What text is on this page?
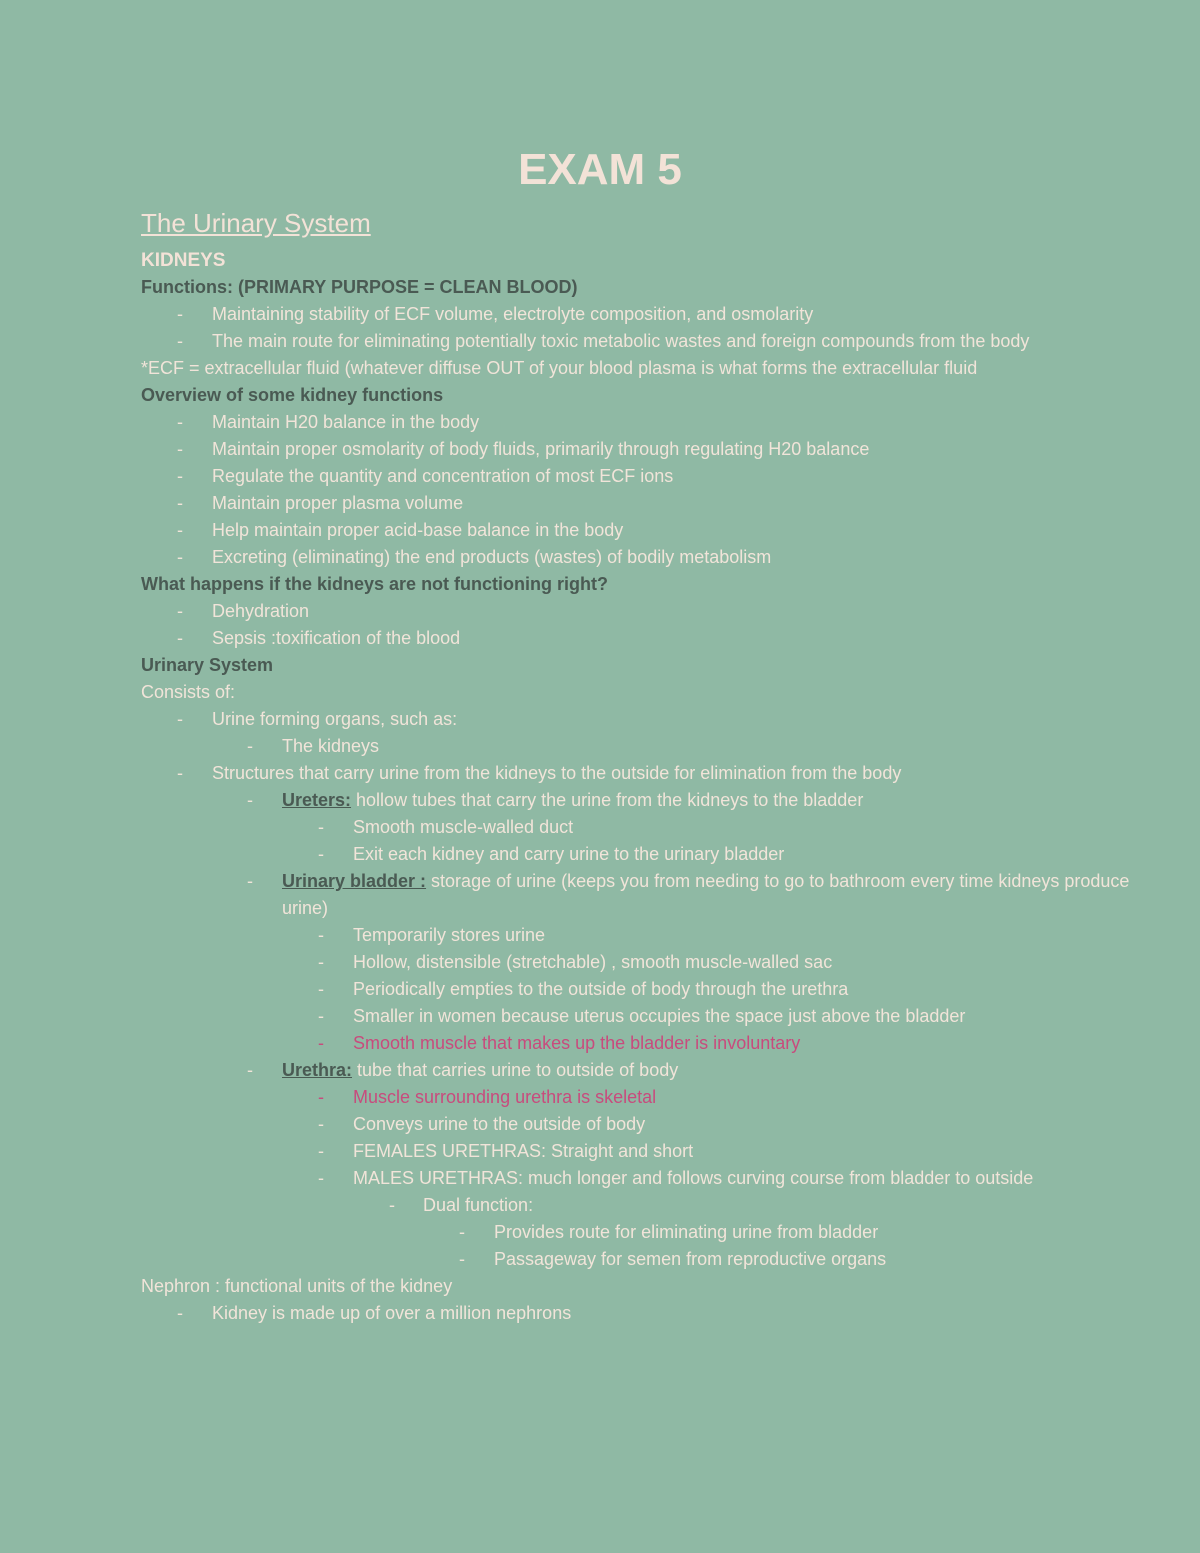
EXAM 5
The Urinary System
KIDNEYS
Functions: (PRIMARY PURPOSE = CLEAN BLOOD)
-	Maintaining stability of ECF volume, electrolyte composition, and osmolarity
-	The main route for eliminating potentially toxic metabolic wastes and foreign compounds from the body
*ECF = extracellular fluid (whatever diffuse OUT of your blood plasma is what forms the extracellular fluid
Overview of some kidney functions
-	Maintain H20 balance in the body
-	Maintain proper osmolarity of body fluids, primarily through regulating H20 balance
-	Regulate the quantity and concentration of most ECF ions
-	Maintain proper plasma volume
-	Help maintain proper acid-base balance in the body
-	Excreting (eliminating) the end products (wastes) of bodily metabolism
What happens if the kidneys are not functioning right?
-	Dehydration
-	Sepsis :toxification of the blood
Urinary System
Consists of:
-	Urine forming organs, such as:
-	The kidneys
-	Structures that carry urine from the kidneys to the outside for elimination from the body
-	Ureters: hollow tubes that carry the urine from the kidneys to the bladder
-	Smooth muscle-walled duct
-	Exit each kidney and carry urine to the urinary bladder
-	Urinary bladder : storage of urine (keeps you from needing to go to bathroom every time kidneys produce urine)
-	Temporarily stores urine
-	Hollow, distensible (stretchable) , smooth muscle-walled sac
-	Periodically empties to the outside of body through the urethra
-	Smaller in women because uterus occupies the space just above the bladder
-	Smooth muscle that makes up the bladder is involuntary
-	Urethra: tube that carries urine to outside of body
-	Muscle surrounding urethra is skeletal
-	Conveys urine to the outside of body
-	FEMALES URETHRAS: Straight and short
-	MALES URETHRAS: much longer and follows curving course from bladder to outside
-	Dual function:
-	Provides route for eliminating urine from bladder
-	Passageway for semen from reproductive organs
Nephron : functional units of the kidney
-	Kidney is made up of over a million nephrons
